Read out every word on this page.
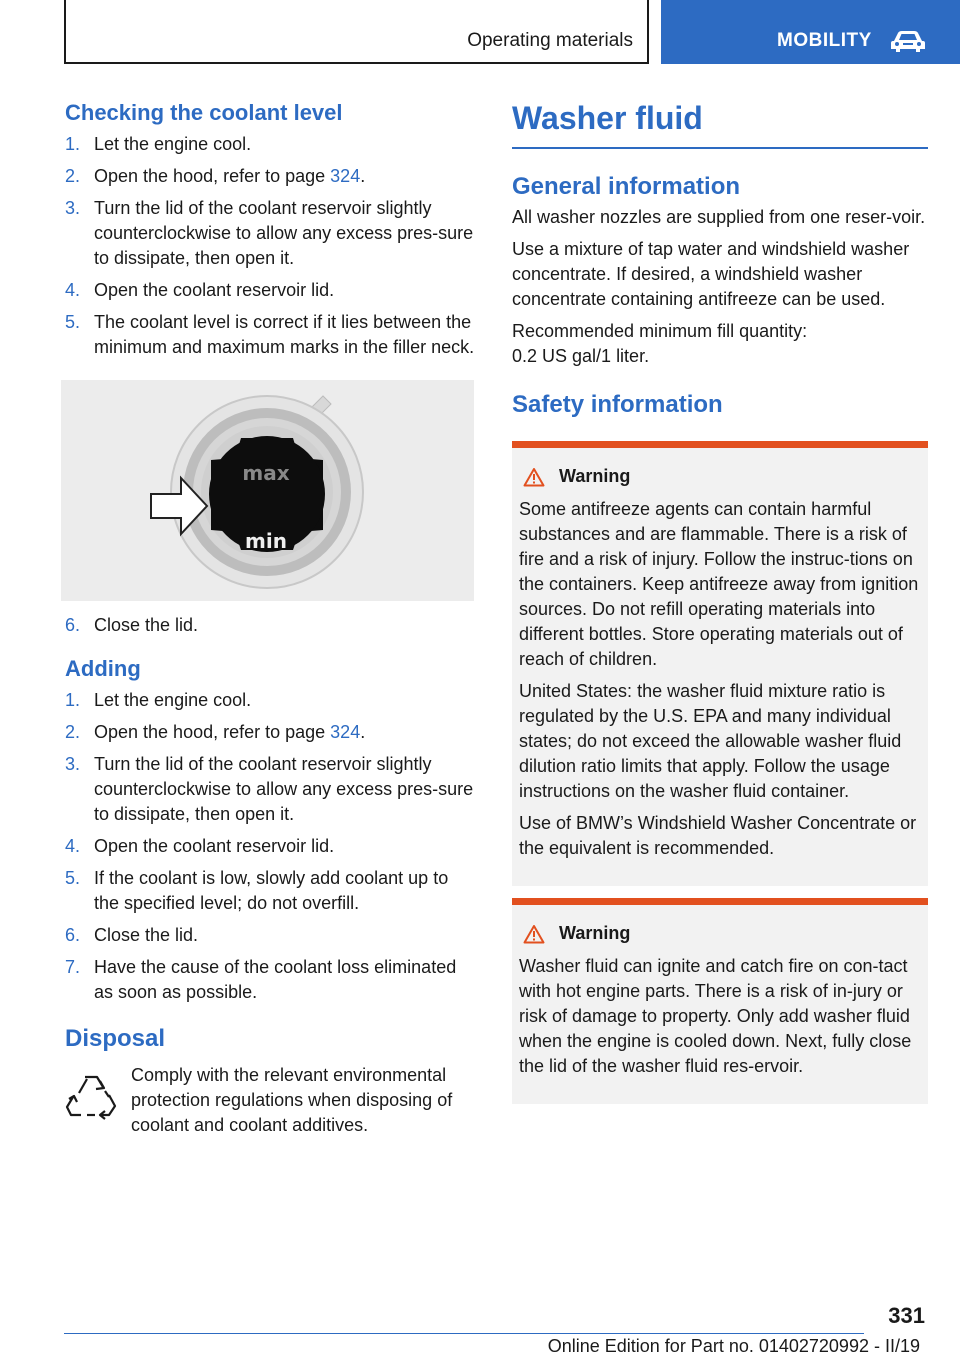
Operating materials	MOBILITY
Checking the coolant level
1. Let the engine cool.
2. Open the hood, refer to page 324.
3. Turn the lid of the coolant reservoir slightly counterclockwise to allow any excess pres-sure to dissipate, then open it.
4. Open the coolant reservoir lid.
5. The coolant level is correct if it lies between the minimum and maximum marks in the filler neck.
max
min
6. Close the lid.
Adding
1. Let the engine cool.
2. Open the hood, refer to page 324.
3. Turn the lid of the coolant reservoir slightly counterclockwise to allow any excess pres-sure to dissipate, then open it.
4. Open the coolant reservoir lid.
5. If the coolant is low, slowly add coolant up to the specified level; do not overfill.
6. Close the lid.
7. Have the cause of the coolant loss eliminated as soon as possible.
Disposal

Comply with the relevant environmental protection regulations when disposing of coolant and coolant additives.

Washer fluid
General information

All washer nozzles are supplied from one reser-voir.

Use a mixture of tap water and windshield washer concentrate. If desired, a windshield washer concentrate containing antifreeze can be used.

Recommended minimum fill quantity:
0.2 US gal/1 liter.

Safety information
Warning

Some antifreeze agents can contain harmful substances and are flammable. There is a risk of fire and a risk of injury. Follow the instruc-tions on the containers. Keep antifreeze away from ignition sources. Do not refill operating materials into different bottles. Store operating materials out of reach of children.

United States: the washer fluid mixture ratio is regulated by the U.S. EPA and many individual states; do not exceed the allowable washer fluid dilution ratio limits that apply. Follow the usage instructions on the washer fluid container.

Use of BMW’s Windshield Washer Concentrate or the equivalent is recommended.

Warning

Washer fluid can ignite and catch fire on con-tact with hot engine parts. There is a risk of in-jury or risk of damage to property. Only add washer fluid when the engine is cooled down. Next, fully close the lid of the washer fluid res-ervoir.

331
Online Edition for Part no. 01402720992 - II/19
